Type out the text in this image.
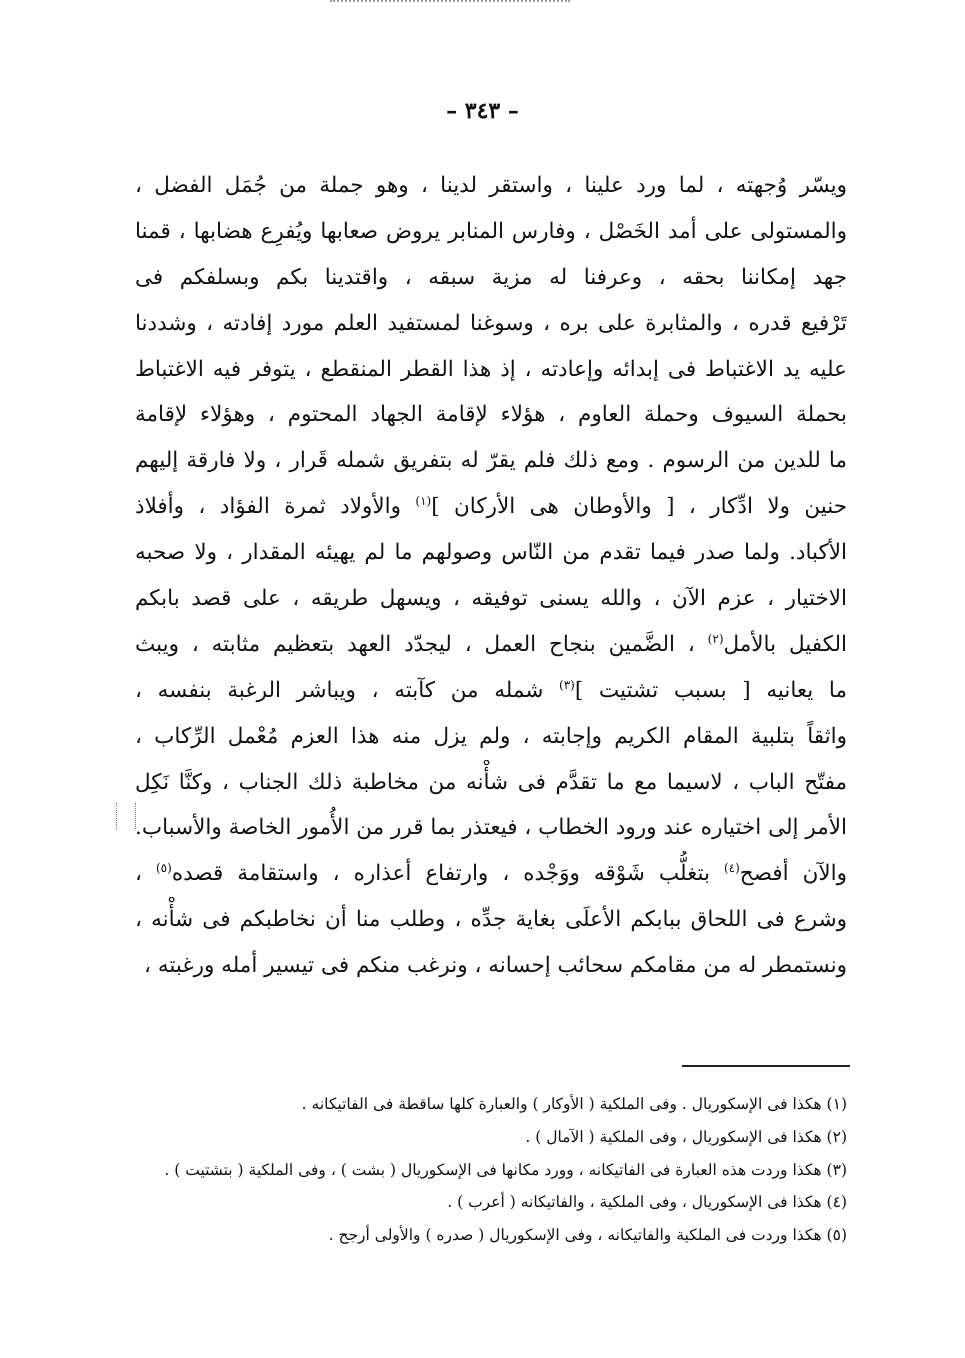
– ٣٤٣ –
ويسّر وُجهته ، لما ورد علينا ، واستقر لدينا ، وهو جملة من جُمَل الفضل ،
والمستولى على أمد الخَصْل ، وفارس المنابر يروض صعابها ويُفرِع هضابها ، قمنا
جهد إمكاننا بحقه ، وعرفنا له مزية سبقه ، واقتدينا بكم وبسلفكم فى
تَرْفيع قدره ، والمثابرة على بره ، وسوغنا لمستفيد العلم مورد إفادته ، وشددنا
عليه يد الاغتباط فى إبدائه وإعادته ، إذ هذا القطر المنقطع ، يتوفر فيه الاغتباط
بحملة السيوف وحملة العاوم ، هؤلاء لإقامة الجهاد المحتوم ، وهؤلاء لإقامة
ما للدين من الرسوم . ومع ذلك فلم يقرّ له بتفريق شمله قَرار ، ولا فارقة إليهم
حنين ولا ادِّكار ، [ والأوطان هى الأركان ]$^{(١)}$ والأولاد ثمرة الفؤاد ، وأفلاذ
الأكباد. ولما صدر فيما تقدم من النّاس وصولهم ما لم يهيئه المقدار ، ولا صحبه
الاختيار ، عزم الآن ، والله يسنى توفيقه ، ويسهل طريقه ، على قصد بابكم
الكفيل بالأمل$^{(٢)}$ ، الضَّمين بنجاح العمل ، ليجدّد العهد بتعظيم مثابته ، ويبث
ما يعانيه [ بسبب تشتيت ]$^{(٣)}$ شمله من كآبته ، ويباشر الرغبة بنفسه ،
واثقاً بتلبية المقام الكريم وإجابته ، ولم يزل منه هذا العزم مُعْمل الرِّكاب ،
مفتّح الباب ، لاسيما مع ما تقدَّم فى شأْنه من مخاطبة ذلك الجناب ، وكنَّا نَكِل
الأمر إلى اختياره عند ورود الخطاب ، فيعتذر بما قرر من الأُمور الخاصة والأسباب.
والآن أفصح$^{(٤)}$ بتغلُّب شَوْقه ووَجْده ، وارتفاع أعذاره ، واستقامة قصده$^{(٥)}$ ،
وشرع فى اللحاق ببابكم الأعلَى بغاية جدِّه ، وطلب منا أن نخاطبكم فى شأْنه ،
ونستمطر له من مقامكم سحائب إحسانه ، ونرغب منكم فى تيسير أمله ورغبته ،
(١) هكذا فى الإسكوريال . وفى الملكية ( الأوكار ) والعبارة كلها ساقطة فى الفاتيكانه .
(٢) هكذا فى الإسكوريال ، وفى الملكية ( الآمال ) .
(٣) هكذا وردت هذه العبارة فى الفاتيكانه ، وورد مكانها فى الإسكوريال ( بشت ) ، وفى الملكية ( بتشتيت ) .
(٤) هكذا فى الإسكوريال ، وفى الملكية ، والفاتيكانه ( أعرب ) .
(٥) هكذا وردت فى الملكية والفاتيكانه ، وفى الإسكوريال ( صدره ) والأولى أرجح .
